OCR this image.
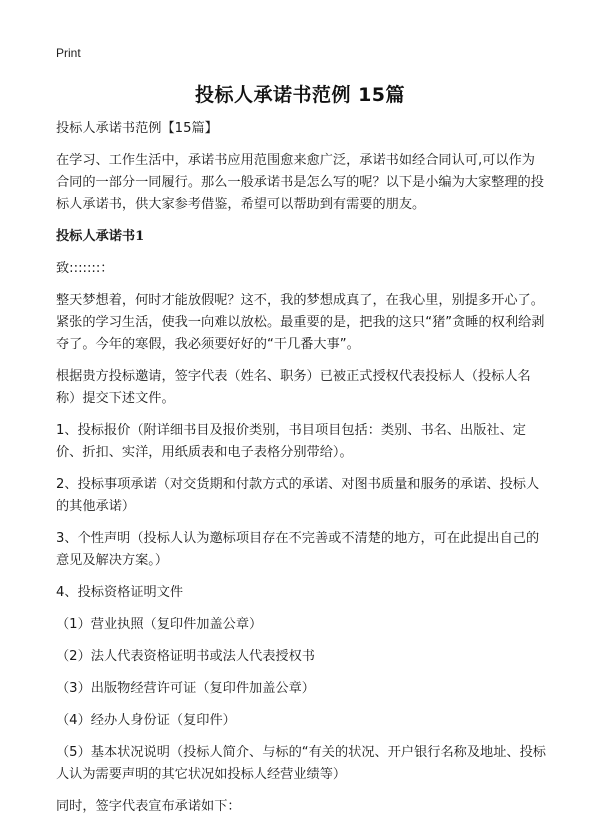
Print
投标人承诺书范例 15篇

投标人承诺书范例【15篇】

在学习、工作生活中，承诺书应用范围愈来愈广泛，承诺书如经合同认可,可以作为合同的一部分一同履行。那么一般承诺书是怎么写的呢？以下是小编为大家整理的投标人承诺书，供大家参考借鉴，希望可以帮助到有需要的朋友。

投标人承诺书1

致:::::::：

整天梦想着，何时才能放假呢？这不，我的梦想成真了，在我心里，别提多开心了。紧张的学习生活，使我一向难以放松。最重要的是，把我的这只“猪”贪睡的权利给剥夺了。今年的寒假，我必须要好好的“干几番大事”。

根据贵方投标邀请，签字代表（姓名、职务）已被正式授权代表投标人（投标人名称）提交下述文件。

1、投标报价（附详细书目及报价类别，书目项目包括：类别、书名、出版社、定价、折扣、实洋，用纸质表和电子表格分别带给）。

2、投标事项承诺（对交货期和付款方式的承诺、对图书质量和服务的承诺、投标人的其他承诺）

3、个性声明（投标人认为邀标项目存在不完善或不清楚的地方，可在此提出自己的意见及解决方案。）

4、投标资格证明文件

（1）营业执照（复印件加盖公章）

（2）法人代表资格证明书或法人代表授权书

（3）出版物经营许可证（复印件加盖公章）

（4）经办人身份证（复印件）

（5）基本状况说明（投标人简介、与标的“有关的状况、开户银行名称及地址、投标人认为需要声明的其它状况如投标人经营业绩等）

同时，签字代表宣布承诺如下：
